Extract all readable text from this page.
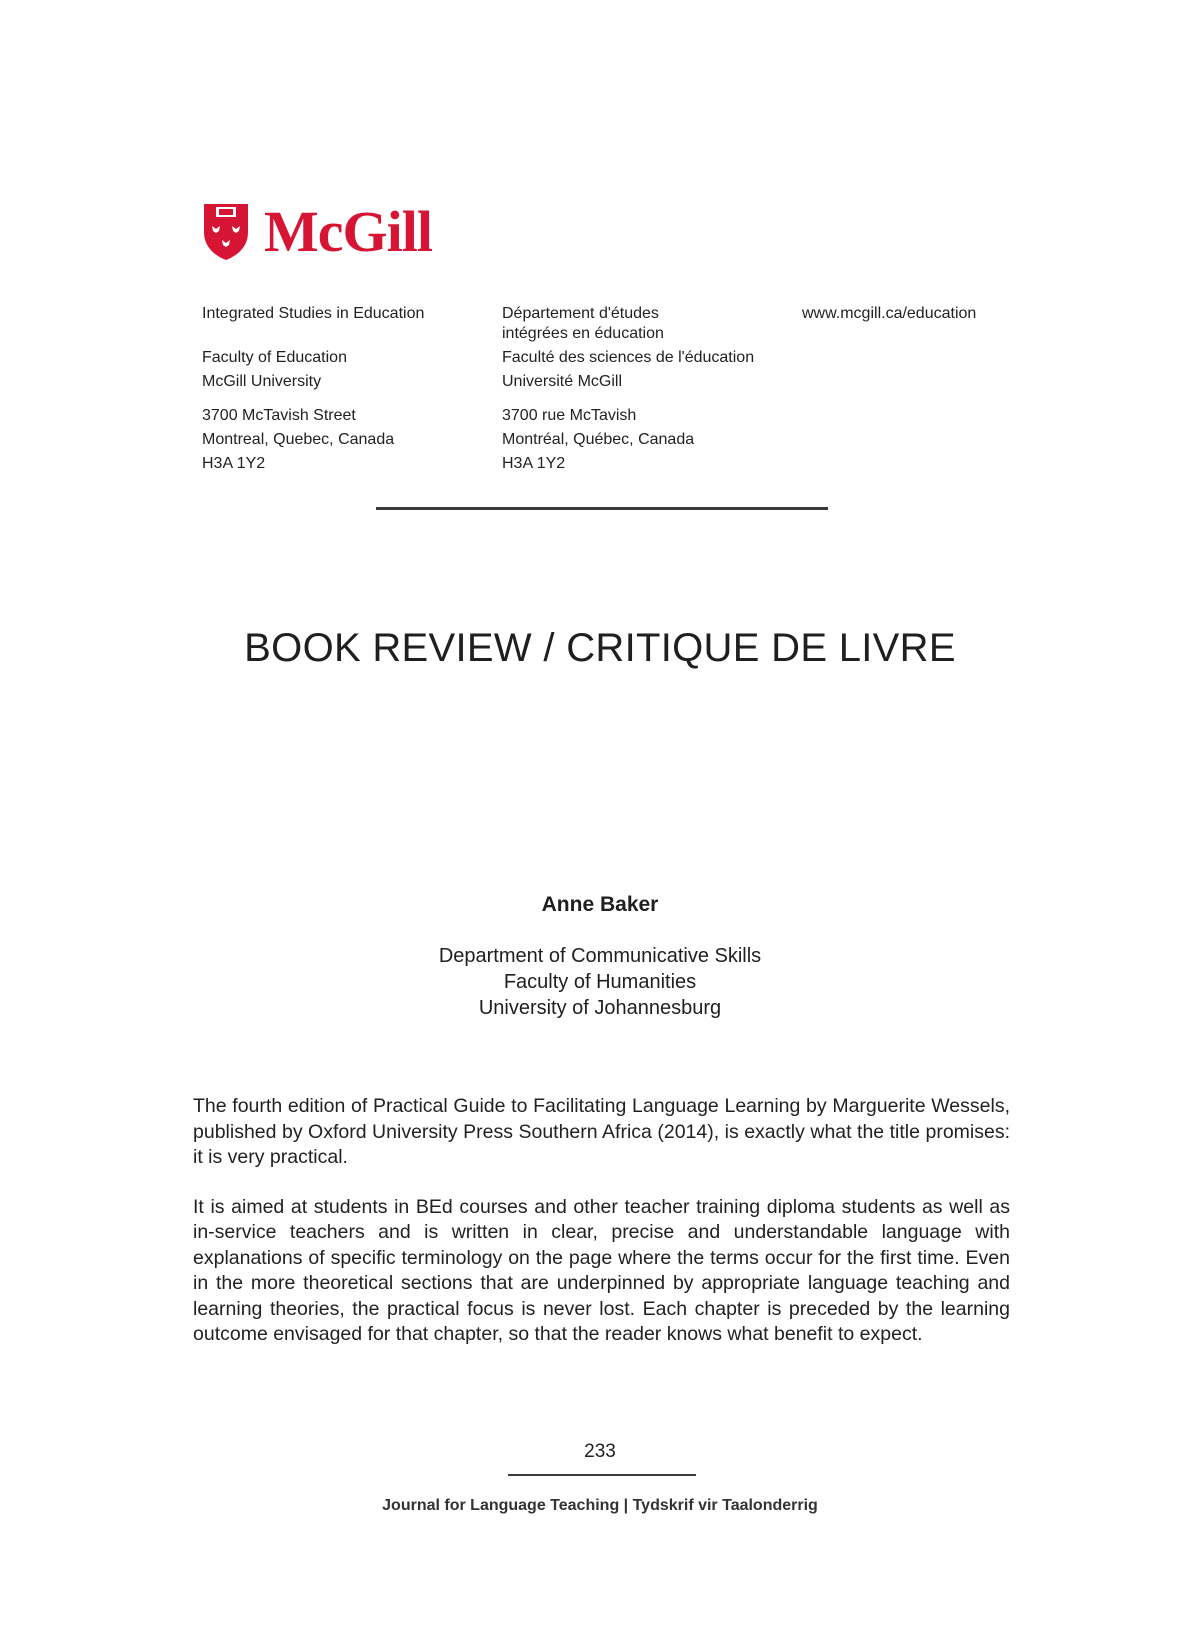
McGill
Integrated Studies in Education
Faculty of Education
McGill University
3700 McTavish Street
Montreal, Quebec, Canada
H3A 1Y2
Département d'études
intégrées en éducation
Faculté des sciences de l'éducation
Université McGill
3700 rue McTavish
Montréal, Québec, Canada
H3A 1Y2
www.mcgill.ca/education
BOOK REVIEW / CRITIQUE DE LIVRE
Anne Baker
Department of Communicative Skills
Faculty of Humanities
University of Johannesburg

The fourth edition of Practical Guide to Facilitating Language Learning by Marguerite Wessels, published by Oxford University Press Southern Africa (2014), is exactly what the title promises: it is very practical.

It is aimed at students in BEd courses and other teacher training diploma students as well as in-service teachers and is written in clear, precise and understandable language with explanations of specific terminology on the page where the terms occur for the first time. Even in the more theoretical sections that are underpinned by appropriate language teaching and learning theories, the practical focus is never lost. Each chapter is preceded by the learning outcome envisaged for that chapter, so that the reader knows what benefit to expect.

233
Journal for Language Teaching | Tydskrif vir Taalonderrig
